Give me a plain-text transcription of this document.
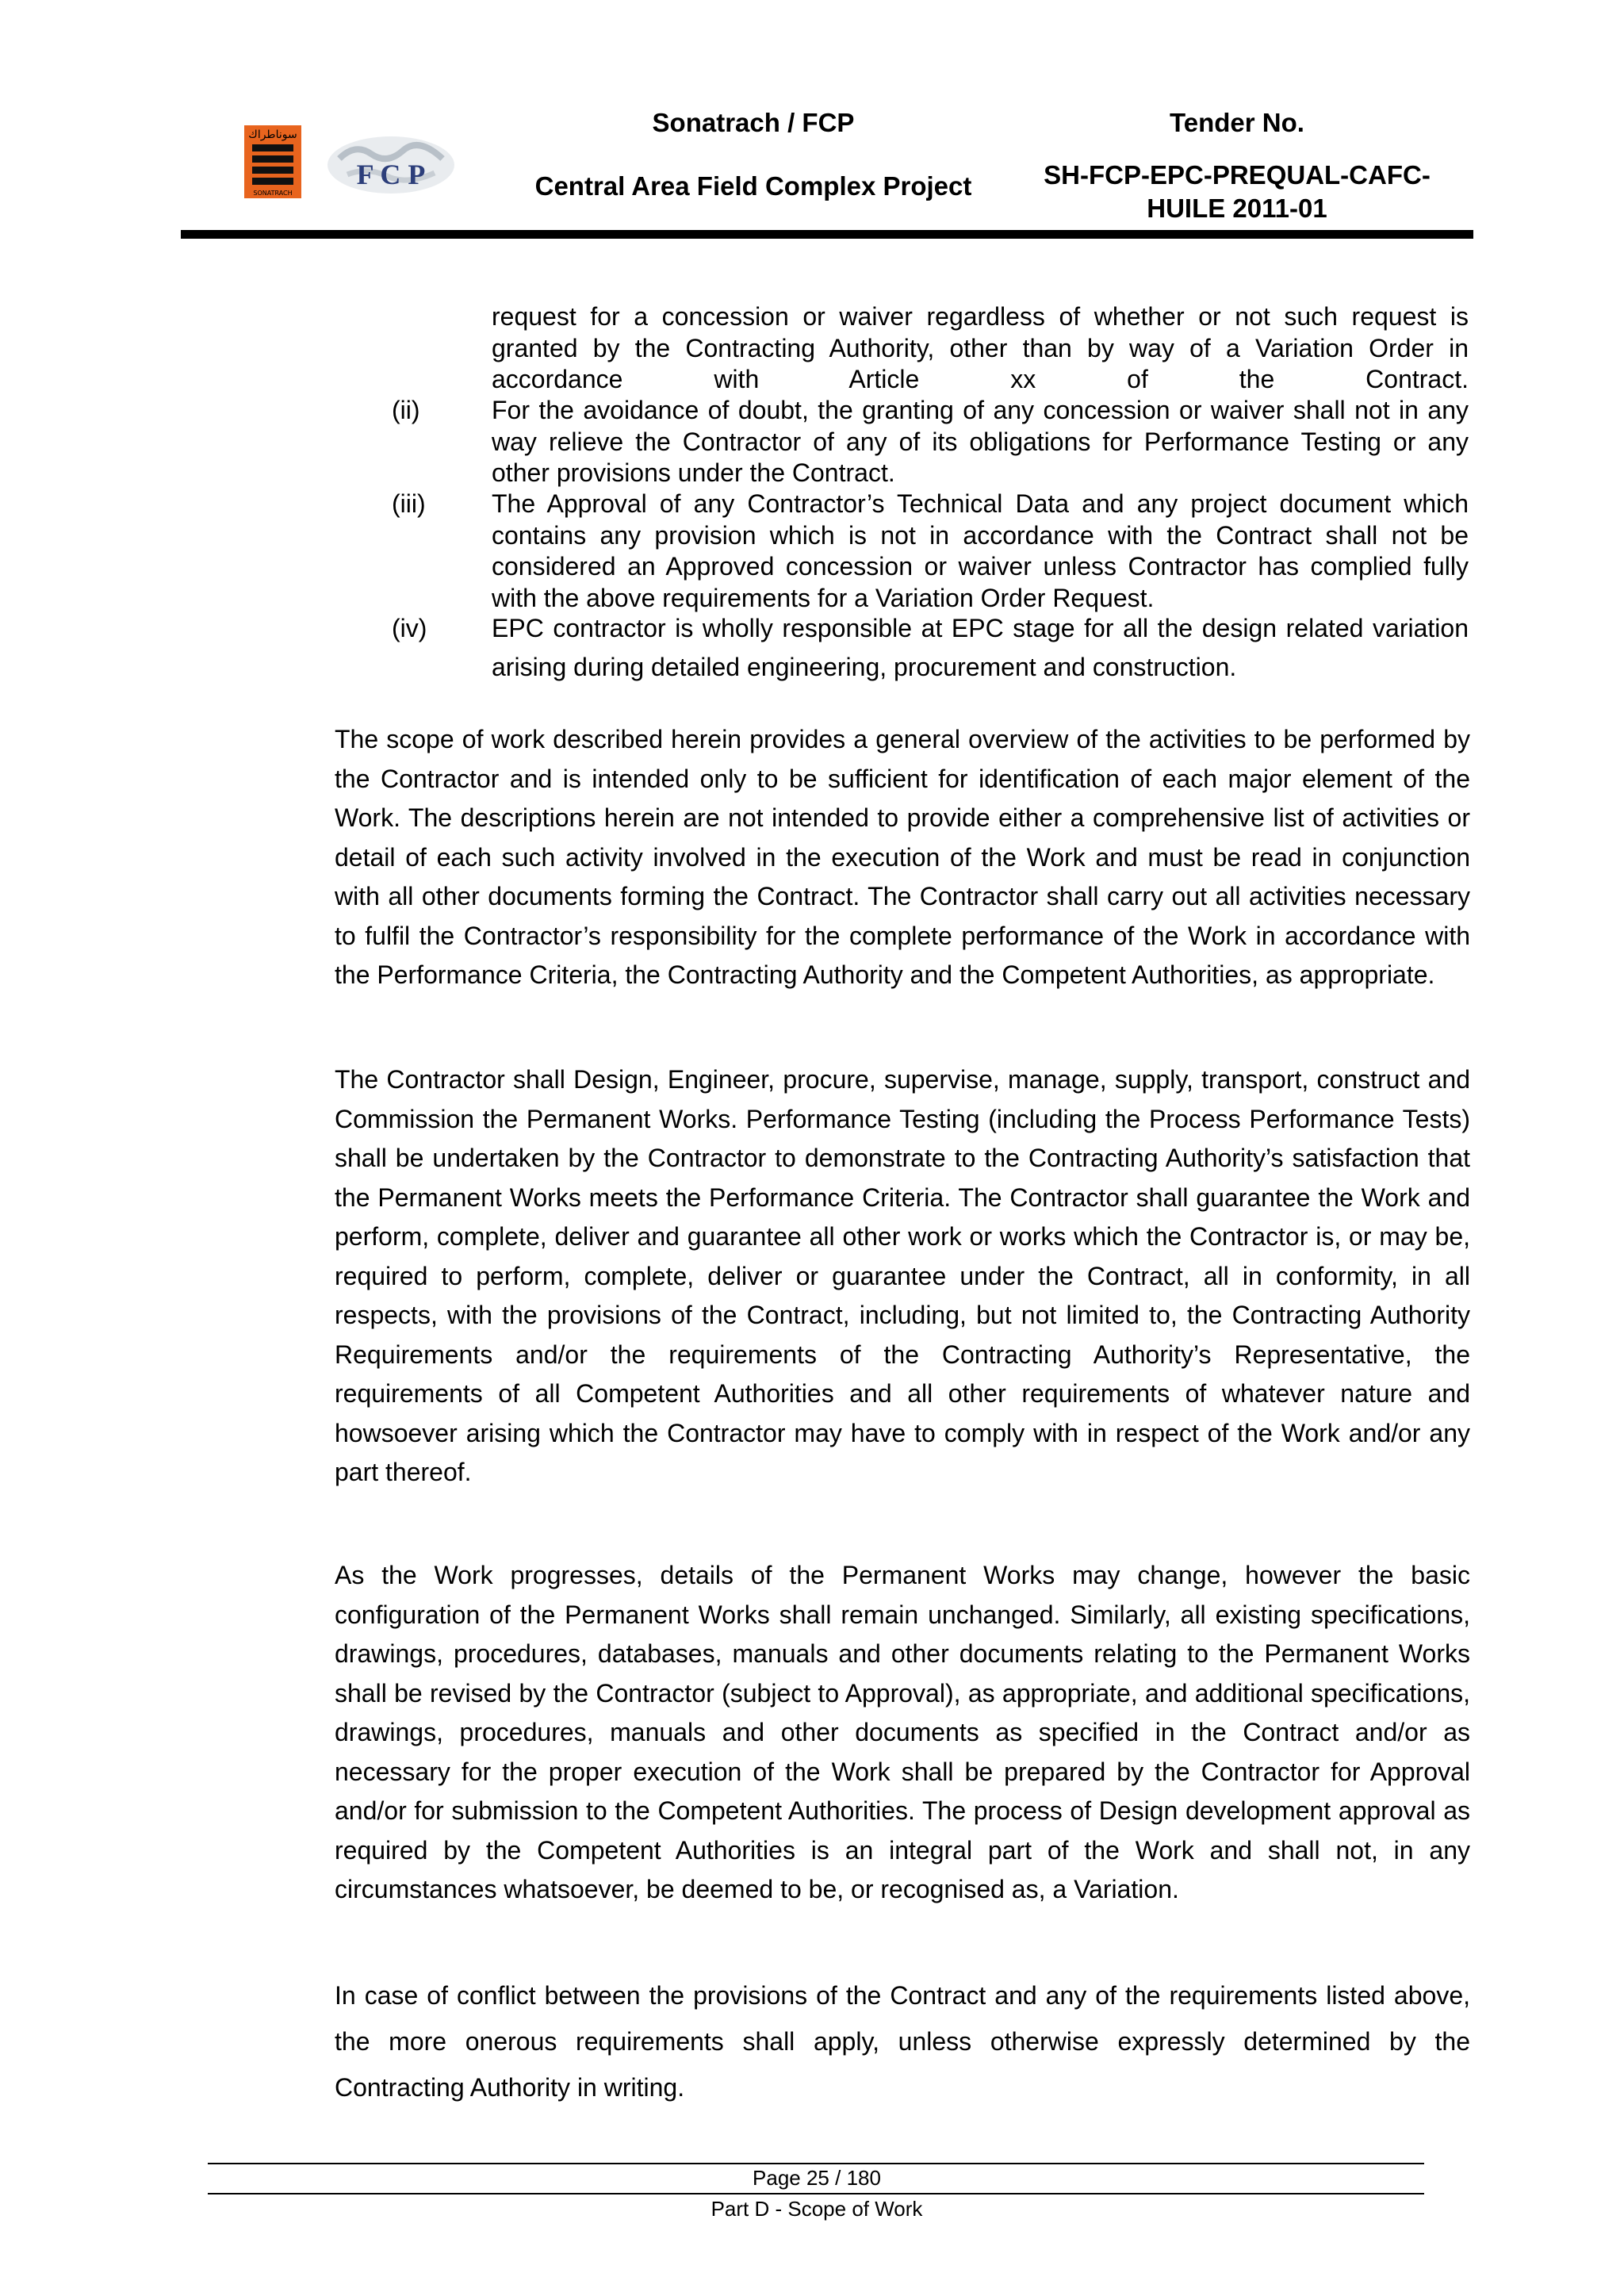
سوناطراك
SONATRACH
F C P
Sonatrach / FCP
Central Area Field Complex Project
Tender No.
SH-FCP-EPC-PREQUAL-CAFC-HUILE 2011-01
request for a concession or waiver regardless of whether or not such request is granted by the Contracting Authority, other than by way of a Variation Order in accordance with Article xx of the Contract.
(ii)	For the avoidance of doubt, the granting of any concession or waiver shall not in any way relieve the Contractor of any of its obligations for Performance Testing or any other provisions under the Contract.
(iii)	The Approval of any Contractor’s Technical Data and any project document which contains any provision which is not in accordance with the Contract shall not be considered an Approved concession or waiver unless Contractor has complied fully with the above requirements for a Variation Order Request.
(iv)	EPC contractor is wholly responsible at EPC stage for all the design related variation arising during detailed engineering, procurement and construction.
The scope of work described herein provides a general overview of the activities to be performed by the Contractor and is intended only to be sufficient for identification of each major element of the Work. The descriptions herein are not intended to provide either a comprehensive list of activities or detail of each such activity involved in the execution of the Work and must be read in conjunction with all other documents forming the Contract. The Contractor shall carry out all activities necessary to fulfil the Contractor’s responsibility for the complete performance of the Work in accordance with the Performance Criteria, the Contracting Authority and the Competent Authorities, as appropriate.
The Contractor shall Design, Engineer, procure, supervise, manage, supply, transport, construct and Commission the Permanent Works. Performance Testing (including the Process Performance Tests) shall be undertaken by the Contractor to demonstrate to the Contracting Authority’s satisfaction that the Permanent Works meets the Performance Criteria. The Contractor shall guarantee the Work and perform, complete, deliver and guarantee all other work or works which the Contractor is, or may be, required to perform, complete, deliver or guarantee under the Contract, all in conformity, in all respects, with the provisions of the Contract, including, but not limited to, the Contracting Authority Requirements and/or the requirements of the Contracting Authority’s Representative, the requirements of all Competent Authorities and all other requirements of whatever nature and howsoever arising which the Contractor may have to comply with in respect of the Work and/or any part thereof.
As the Work progresses, details of the Permanent Works may change, however the basic configuration of the Permanent Works shall remain unchanged. Similarly, all existing specifications, drawings, procedures, databases, manuals and other documents relating to the Permanent Works shall be revised by the Contractor (subject to Approval), as appropriate, and additional specifications, drawings, procedures, manuals and other documents as specified in the Contract and/or as necessary for the proper execution of the Work shall be prepared by the Contractor for Approval and/or for submission to the Competent Authorities. The process of Design development approval as required by the Competent Authorities is an integral part of the Work and shall not, in any circumstances whatsoever, be deemed to be, or recognised as, a Variation.
In case of conflict between the provisions of the Contract and any of the requirements listed above, the more onerous requirements shall apply, unless otherwise expressly determined by the Contracting Authority in writing.
Page 25 / 180
Part D - Scope of Work
